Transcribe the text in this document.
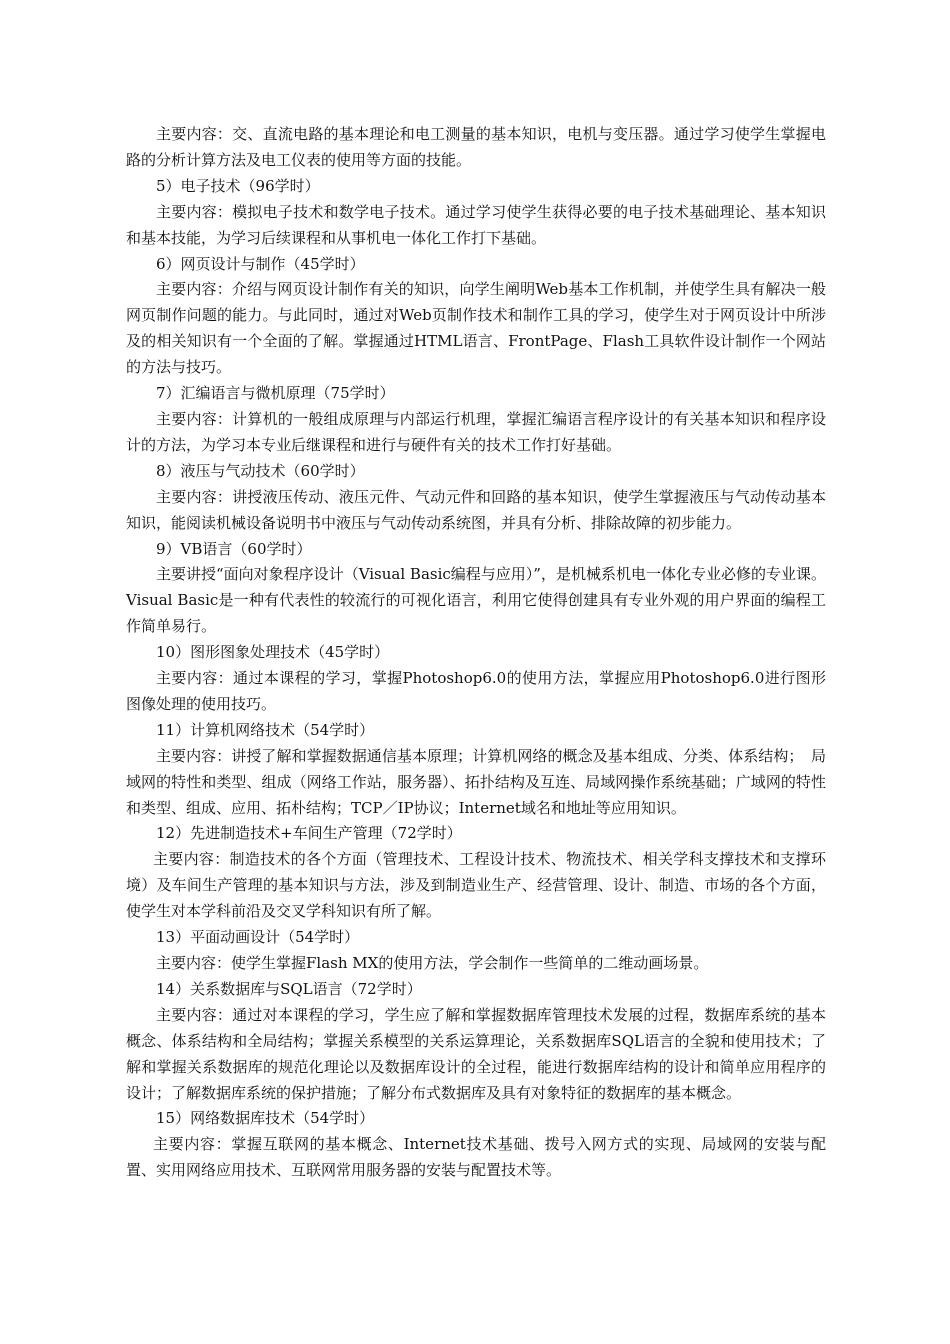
主要内容：交、直流电路的基本理论和电工测量的基本知识，电机与变压器。通过学习使学生掌握电路的分析计算方法及电工仪表的使用等方面的技能。

5）电子技术（96学时）

主要内容：模拟电子技术和数学电子技术。通过学习使学生获得必要的电子技术基础理论、基本知识和基本技能，为学习后续课程和从事机电一体化工作打下基础。

6）网页设计与制作（45学时）

主要内容：介绍与网页设计制作有关的知识，向学生阐明Web基本工作机制，并使学生具有解决一般网页制作问题的能力。与此同时，通过对Web页制作技术和制作工具的学习，使学生对于网页设计中所涉及的相关知识有一个全面的了解。掌握通过HTML语言、FrontPage、Flash工具软件设计制作一个网站的方法与技巧。

7）汇编语言与微机原理（75学时）

主要内容：计算机的一般组成原理与内部运行机理，掌握汇编语言程序设计的有关基本知识和程序设计的方法，为学习本专业后继课程和进行与硬件有关的技术工作打好基础。

8）液压与气动技术（60学时）

主要内容：讲授液压传动、液压元件、气动元件和回路的基本知识，使学生掌握液压与气动传动基本知识，能阅读机械设备说明书中液压与气动传动系统图，并具有分析、排除故障的初步能力。

9）VB语言（60学时）

主要讲授“面向对象程序设计（Visual Basic编程与应用）”，是机械系机电一体化专业必修的专业课。Visual Basic是一种有代表性的较流行的可视化语言，利用它使得创建具有专业外观的用户界面的编程工作简单易行。

10）图形图象处理技术（45学时）

主要内容：通过本课程的学习，掌握Photoshop6.0的使用方法，掌握应用Photoshop6.0进行图形图像处理的使用技巧。

11）计算机网络技术（54学时）

主要内容：讲授了解和掌握数据通信基本原理；计算机网络的概念及基本组成、分类、体系结构；　局域网的特性和类型、组成（网络工作站，服务器）、拓扑结构及互连、局域网操作系统基础；广域网的特性和类型、组成、应用、拓朴结构；TCP／IP协议；Internet域名和地址等应用知识。

12）先进制造技术+车间生产管理（72学时）

主要内容：制造技术的各个方面（管理技术、工程设计技术、物流技术、相关学科支撑技术和支撑环境）及车间生产管理的基本知识与方法，涉及到制造业生产、经营管理、设计、制造、市场的各个方面，使学生对本学科前沿及交叉学科知识有所了解。

13）平面动画设计（54学时）

主要内容：使学生掌握Flash MX的使用方法，学会制作一些简单的二维动画场景。

14）关系数据库与SQL语言（72学时）

主要内容：通过对本课程的学习，学生应了解和掌握数据库管理技术发展的过程，数据库系统的基本概念、体系结构和全局结构；掌握关系模型的关系运算理论，关系数据库SQL语言的全貌和使用技术；了解和掌握关系数据库的规范化理论以及数据库设计的全过程，能进行数据库结构的设计和简单应用程序的设计；了解数据库系统的保护措施；了解分布式数据库及具有对象特征的数据库的基本概念。

15）网络数据库技术（54学时）

主要内容：掌握互联网的基本概念、Internet技术基础、拨号入网方式的实现、局域网的安装与配置、实用网络应用技术、互联网常用服务器的安装与配置技术等。
